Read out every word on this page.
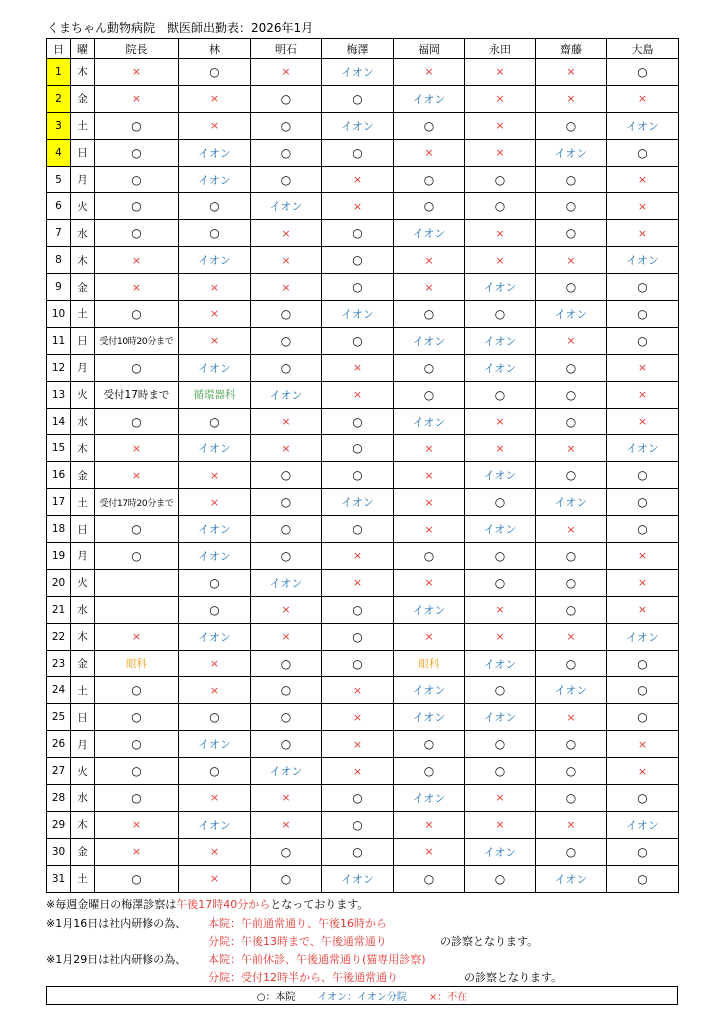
くまちゃん動物病院　獣医師出勤表：2026年1月
日	曜	院長	林	明石	梅澤	福岡	永田	齋藤	大島
1	木	×	○	×	イオン	×	×	×	○
2	金	×	×	○	○	イオン	×	×	×
3	土	○	×	○	イオン	○	×	○	イオン
4	日	○	イオン	○	○	×	×	イオン	○
5	月	○	イオン	○	×	○	○	○	×
6	火	○	○	イオン	×	○	○	○	×
7	水	○	○	×	○	イオン	×	○	×
8	木	×	イオン	×	○	×	×	×	イオン
9	金	×	×	×	○	×	イオン	○	○
10	土	○	×	○	イオン	○	○	イオン	○
11	日	受付10時20分まで	×	○	○	イオン	イオン	×	○
12	月	○	イオン	○	×	○	イオン	○	×
13	火	受付17時まで	循環器科	イオン	×	○	○	○	×
14	水	○	○	×	○	イオン	×	○	×
15	木	×	イオン	×	○	×	×	×	イオン
16	金	×	×	○	○	×	イオン	○	○
17	土	受付17時20分まで	×	○	イオン	×	○	イオン	○
18	日	○	イオン	○	○	×	イオン	×	○
19	月	○	イオン	○	×	○	○	○	×
20	火		○	イオン	×	×	○	○	×
21	水		○	×	○	イオン	×	○	×
22	木	×	イオン	×	○	×	×	×	イオン
23	金	眼科	×	○	○	眼科	イオン	○	○
24	土	○	×	○	×	イオン	○	イオン	○
25	日	○	○	○	×	イオン	イオン	×	○
26	月	○	イオン	○	×	○	○	○	×
27	火	○	○	イオン	×	○	○	○	×
28	水	○	×	×	○	イオン	×	○	○
29	木	×	イオン	×	○	×	×	×	イオン
30	金	×	×	○	○	×	イオン	○	○
31	土	○	×	○	イオン	○	○	イオン	○
※毎週金曜日の梅澤診察は午後17時40分からとなっております。
※1月16日は社内研修の為、 本院：午前通常通り、午後16時から
分院：午後13時まで、午後通常通り	の診察となります。
※1月29日は社内研修の為、 本院：午前休診、午後通常通り(猫専用診察)
分院：受付12時半から、午後通常通り	の診察となります。
○：本院 イオン：イオン分院 ×：不在
